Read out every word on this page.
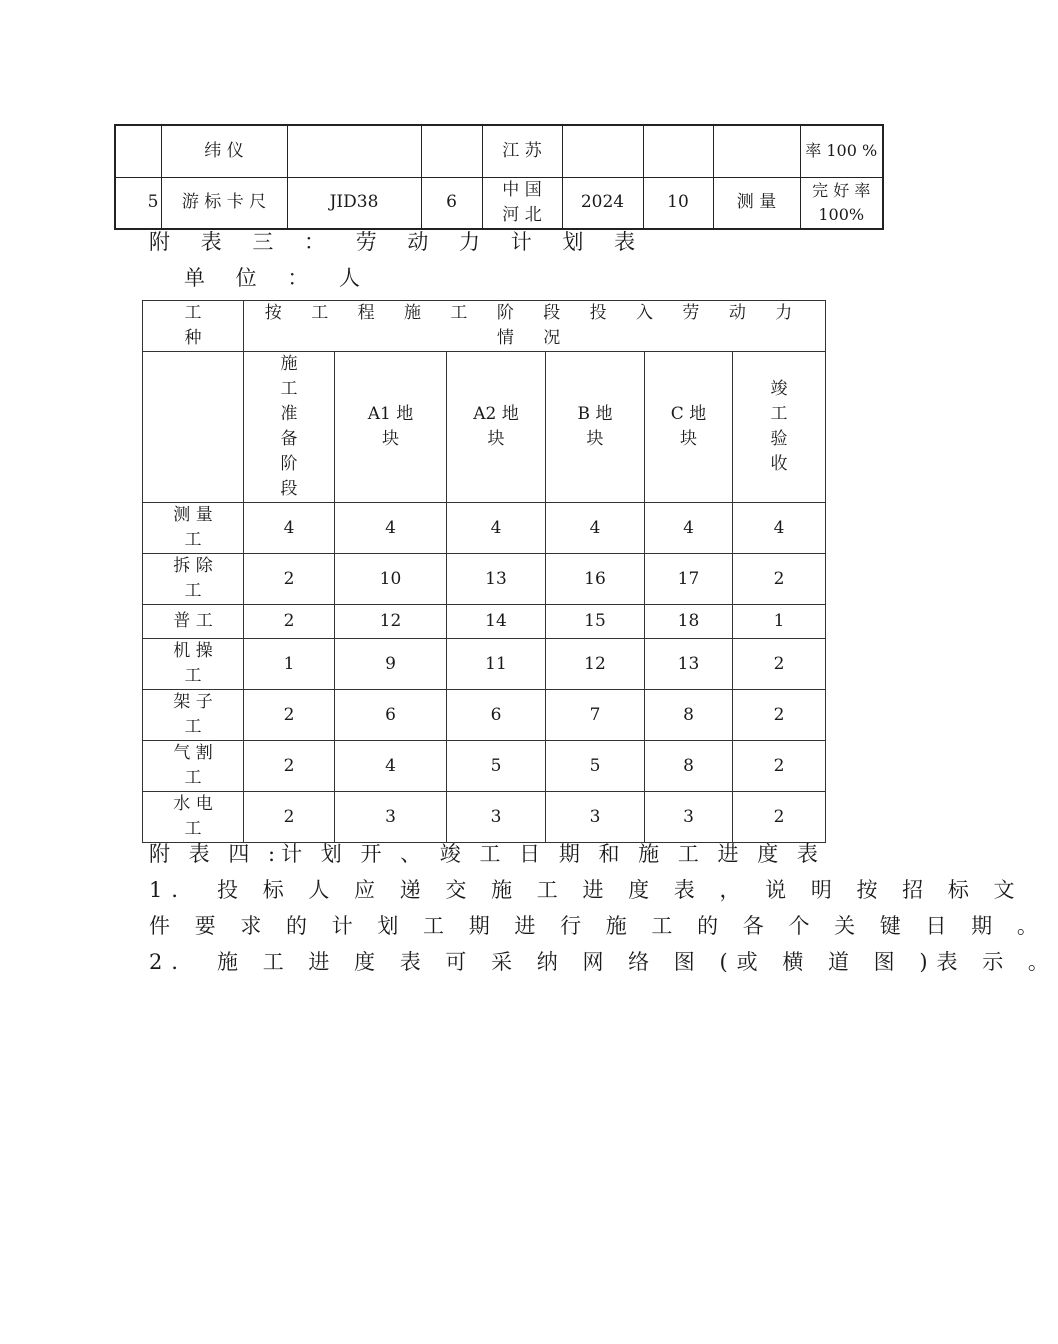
	纬 仪			江 苏				率 100 %
5	游 标 卡 尺	JID38	6	中 国 河 北	2024	10	测 量	完 好 率 100%

附 表 三 ： 劳 动 力 计 划 表

单 位 ： 人

工 种	按 工 程 施 工 阶 段 投 入 劳 动 力 情 况					
	施工准备阶段	A1 地 块	A2 地 块	B 地 块	C 地 块	竣工验收
测 量 工	4	4	4	4	4	4
拆 除 工	2	10	13	16	17	2
普 工	2	12	14	15	18	1
机 操 工	1	9	11	12	13	2
架 子 工	2	6	6	7	8	2
气 割 工	2	4	5	5	8	2
水 电 工	2	3	3	3	3	2

附 表 四 :计 划 开 、 竣 工 日 期 和 施 工 进 度 表

1． 投 标 人 应 递 交 施 工 进 度 表 ， 说 明 按 招 标 文

件 要 求 的 计 划 工 期 进 行 施 工 的 各 个 关 键 日 期 。

2． 施 工 进 度 表 可 采 纳 网 络 图 (或 横 道 图 )表 示 。
